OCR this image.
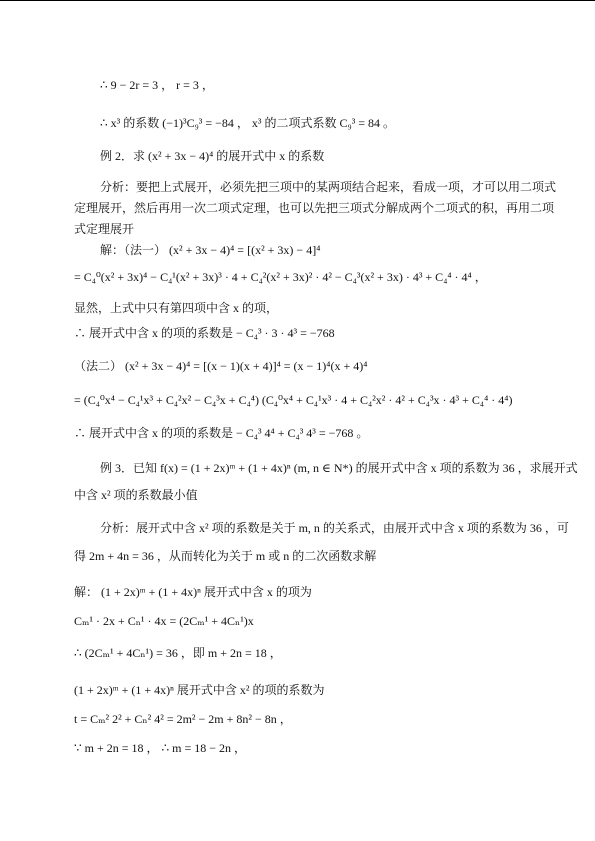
∴ 9 − 2r = 3 ， r = 3 ，
∴ x³ 的系数 (−1)³C₉³ = −84 ， x³ 的二项式系数 C₉³ = 84 。
例 2．求 (x² + 3x − 4)⁴ 的展开式中 x 的系数
分析：要把上式展开，必须先把三项中的某两项结合起来，看成一项，才可以用二项式
定理展开，然后再用一次二项式定理，也可以先把三项式分解成两个二项式的积，再用二项
式定理展开
解：（法一） (x² + 3x − 4)⁴ = [(x² + 3x) − 4]⁴
= C₄⁰(x² + 3x)⁴ − C₄¹(x² + 3x)³ · 4 + C₄²(x² + 3x)² · 4² − C₄³(x² + 3x) · 4³ + C₄⁴ · 4⁴ ，
显然，上式中只有第四项中含 x 的项，
∴ 展开式中含 x 的项的系数是 − C₄³ · 3 · 4³ = −768
（法二） (x² + 3x − 4)⁴ = [(x − 1)(x + 4)]⁴ = (x − 1)⁴(x + 4)⁴
= (C₄⁰x⁴ − C₄¹x³ + C₄²x² − C₄³x + C₄⁴) (C₄⁰x⁴ + C₄¹x³ · 4 + C₄²x² · 4² + C₄³x · 4³ + C₄⁴ · 4⁴)
∴ 展开式中含 x 的项的系数是 − C₄³ 4⁴ + C₄³ 4³ = −768 。
例 3．已知 f(x) = (1 + 2x)ᵐ + (1 + 4x)ⁿ (m, n ∈ N*) 的展开式中含 x 项的系数为 36 ，求展开式
中含 x² 项的系数最小值
分析：展开式中含 x² 项的系数是关于 m, n 的关系式，由展开式中含 x 项的系数为 36 ，可
得 2m + 4n = 36 ，从而转化为关于 m 或 n 的二次函数求解
解： (1 + 2x)ᵐ + (1 + 4x)ⁿ 展开式中含 x 的项为
Cₘ¹ · 2x + Cₙ¹ · 4x = (2Cₘ¹ + 4Cₙ¹)x
∴ (2Cₘ¹ + 4Cₙ¹) = 36 ，即 m + 2n = 18 ，
(1 + 2x)ᵐ + (1 + 4x)ⁿ 展开式中含 x² 的项的系数为
t = Cₘ² 2² + Cₙ² 4² = 2m² − 2m + 8n² − 8n ，
∵ m + 2n = 18 ， ∴ m = 18 − 2n ，
